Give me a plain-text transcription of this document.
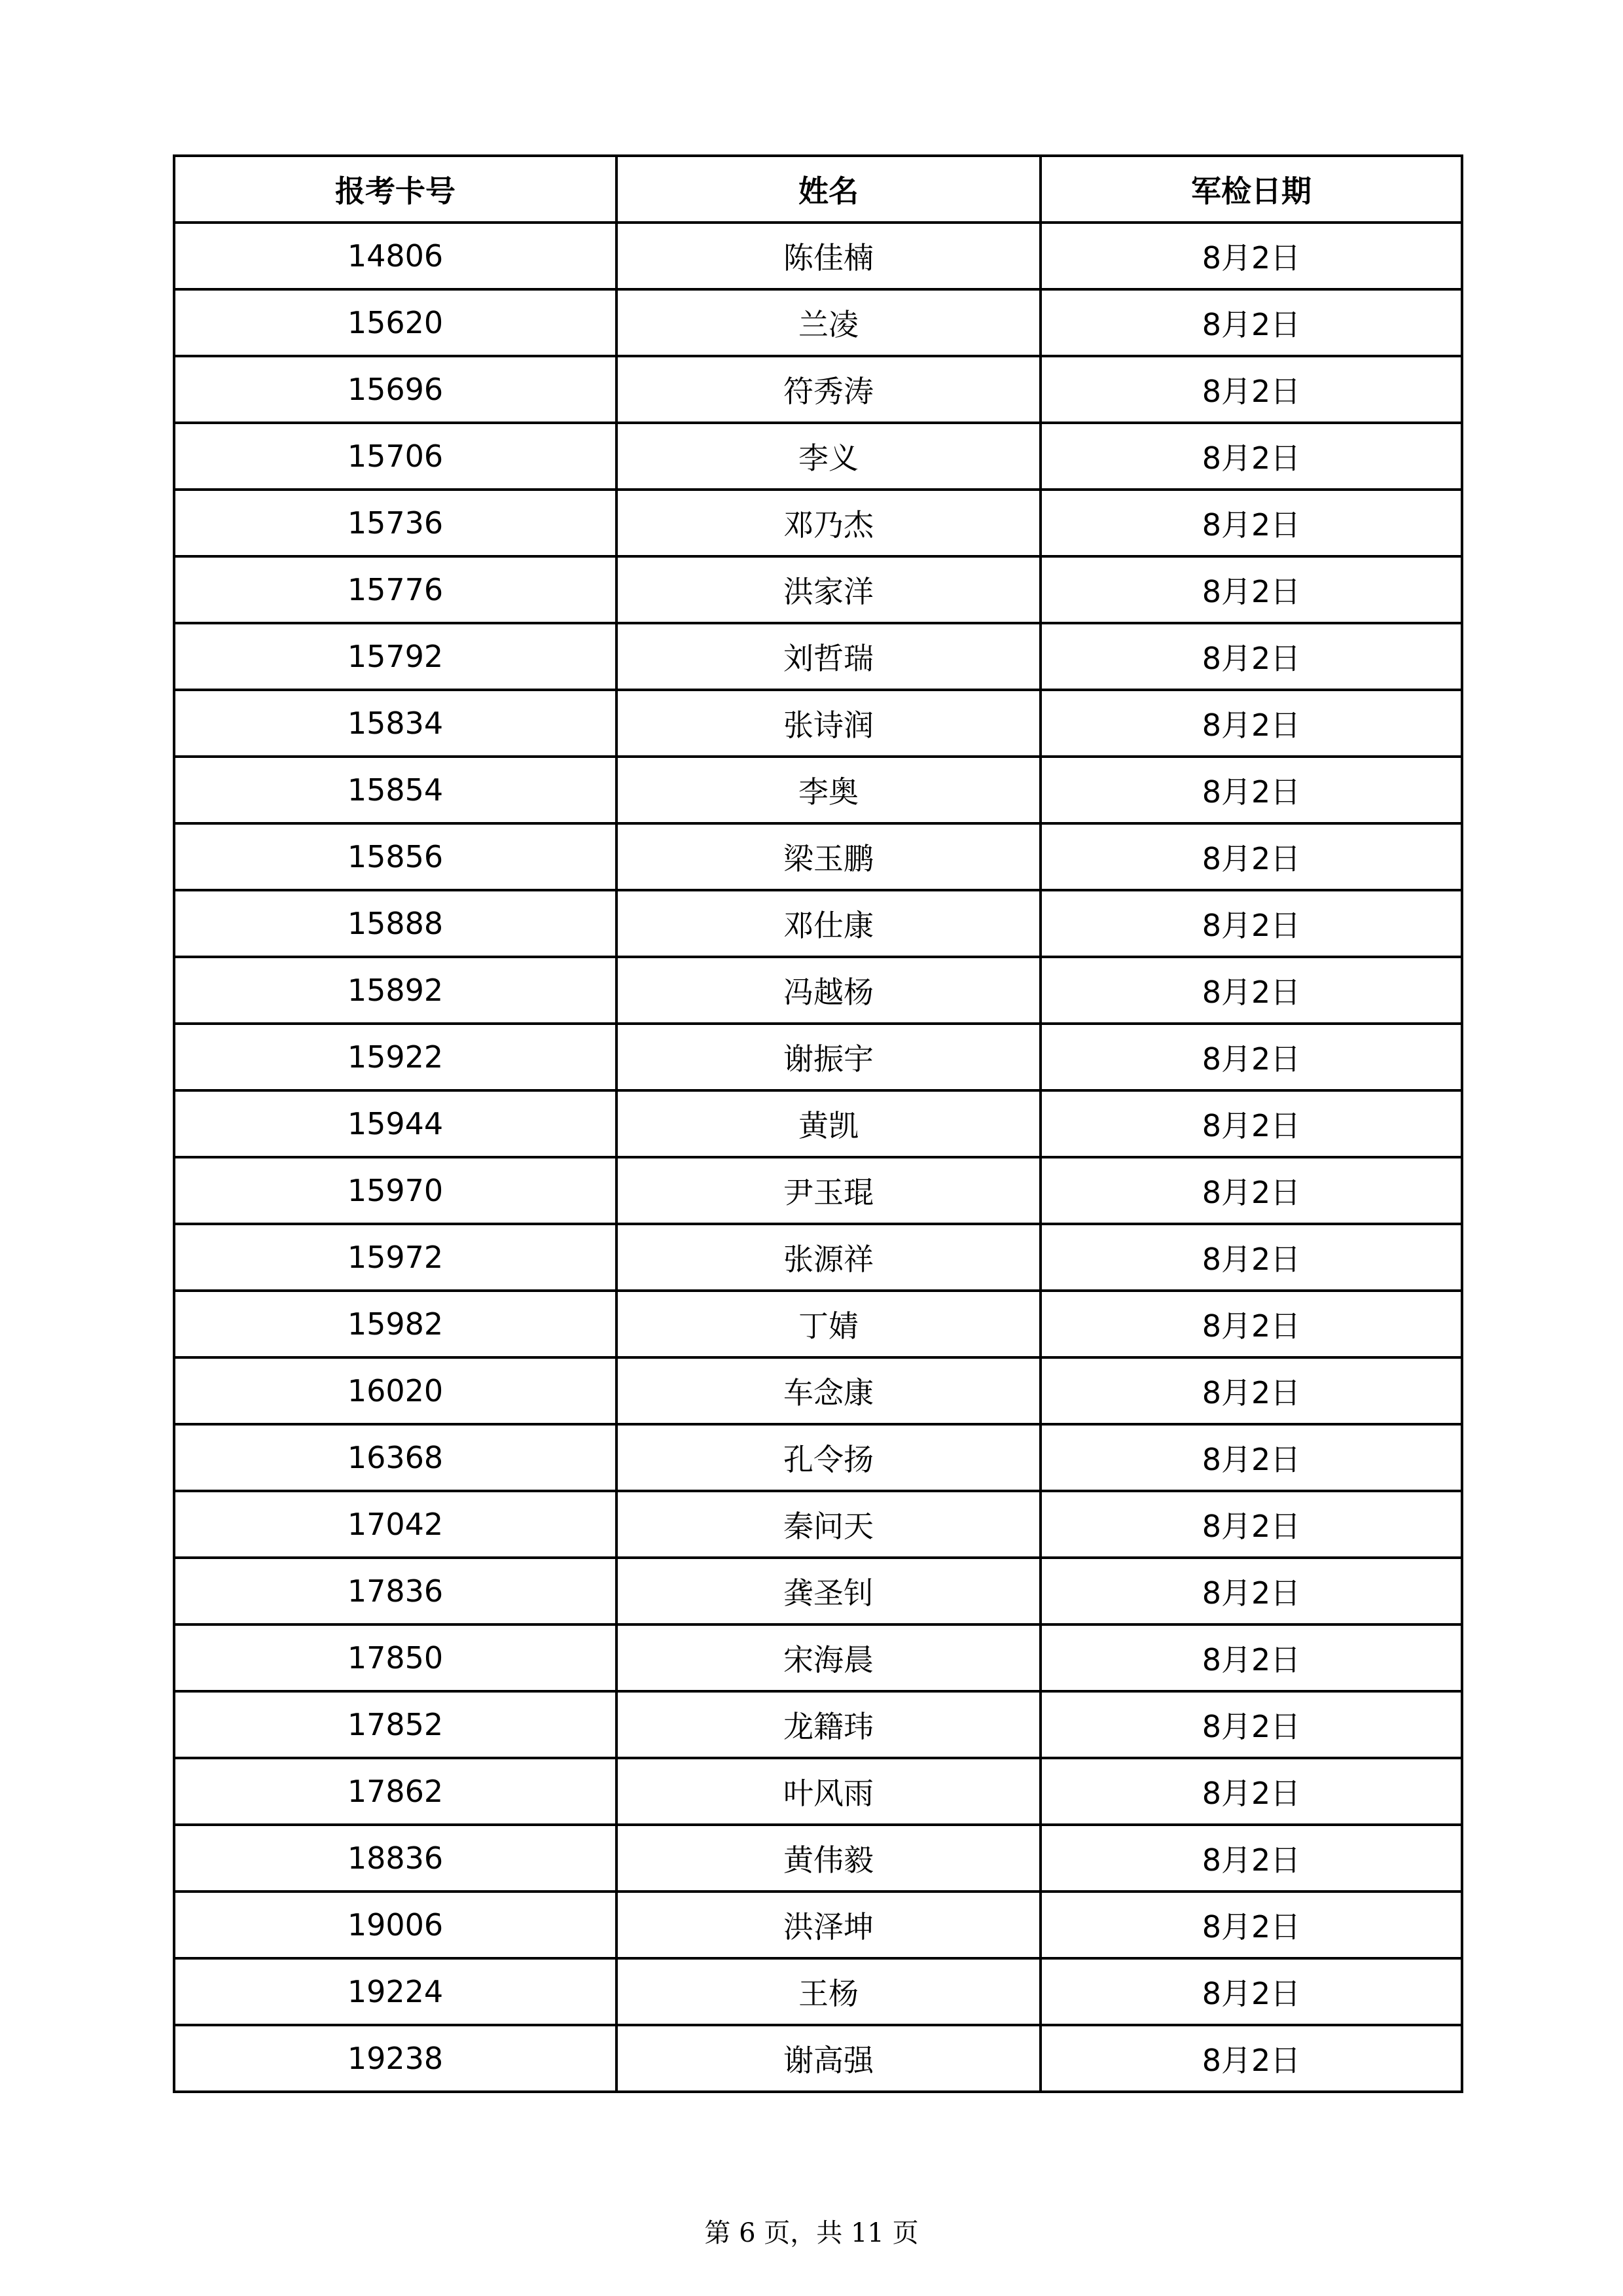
报考卡号	姓名	军检日期
14806	陈佳楠	8月2日
15620	兰凌	8月2日
15696	符秀涛	8月2日
15706	李义	8月2日
15736	邓乃杰	8月2日
15776	洪家洋	8月2日
15792	刘哲瑞	8月2日
15834	张诗润	8月2日
15854	李奥	8月2日
15856	梁玉鹏	8月2日
15888	邓仕康	8月2日
15892	冯越杨	8月2日
15922	谢振宇	8月2日
15944	黄凯	8月2日
15970	尹玉琨	8月2日
15972	张源祥	8月2日
15982	丁婧	8月2日
16020	车念康	8月2日
16368	孔令扬	8月2日
17042	秦问天	8月2日
17836	龚圣钊	8月2日
17850	宋海晨	8月2日
17852	龙籍玮	8月2日
17862	叶风雨	8月2日
18836	黄伟毅	8月2日
19006	洪泽坤	8月2日
19224	王杨	8月2日
19238	谢高强	8月2日
第 6 页，共 11 页
